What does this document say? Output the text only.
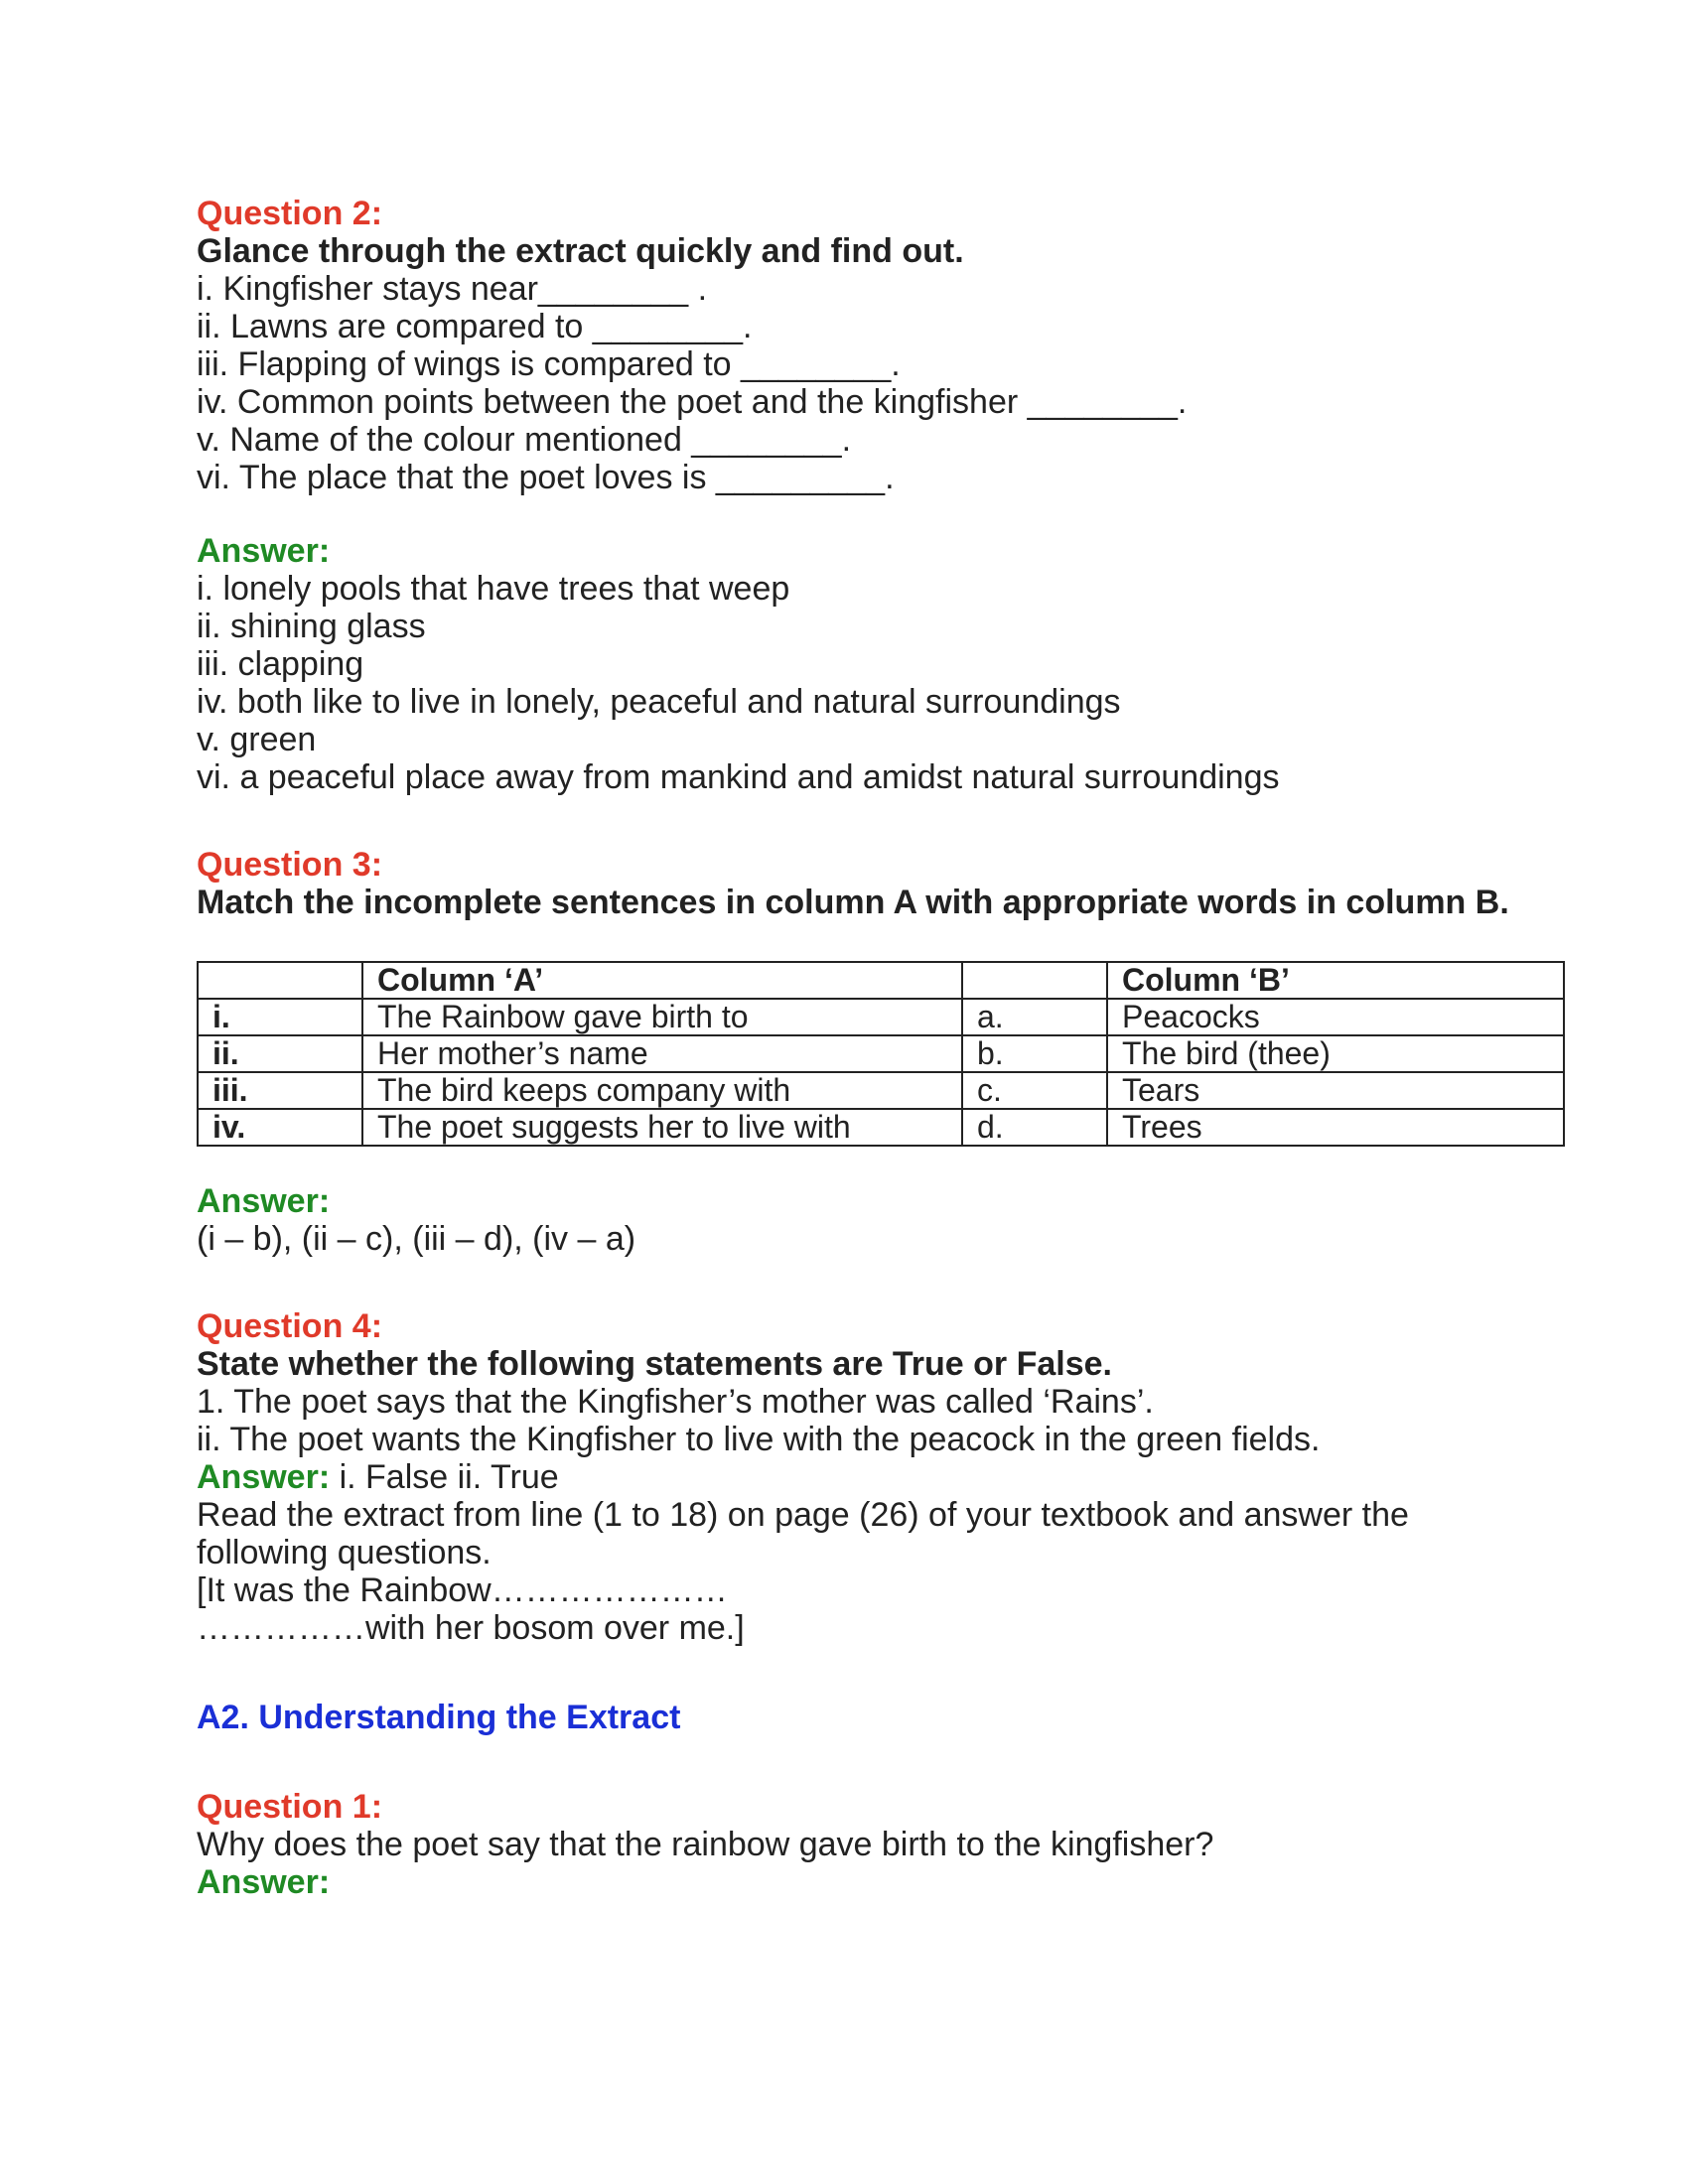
Question 2:
Glance through the extract quickly and find out.
i. Kingfisher stays near________ .
ii. Lawns are compared to ________.
iii. Flapping of wings is compared to ________.
iv. Common points between the poet and the kingfisher ________.
v. Name of the colour mentioned ________.
vi. The place that the poet loves is _________.
Answer:
i. lonely pools that have trees that weep
ii. shining glass
iii. clapping
iv. both like to live in lonely, peaceful and natural surroundings
v. green
vi. a peaceful place away from mankind and amidst natural surroundings
Question 3:
Match the incomplete sentences in column A with appropriate words in column B.
	Column ‘A’		Column ‘B’
i.	The Rainbow gave birth to	a.	Peacocks
ii.	Her mother’s name	b.	The bird (thee)
iii.	The bird keeps company with	c.	Tears
iv.	The poet suggests her to live with	d.	Trees
Answer:
(i – b), (ii – c), (iii – d), (iv – a)
Question 4:
State whether the following statements are True or False.
1. The poet says that the Kingfisher’s mother was called ‘Rains’.
ii. The poet wants the Kingfisher to live with the peacock in the green fields.
Answer: i. False ii. True
Read the extract from line (1 to 18) on page (26) of your textbook and answer the
following questions.
[It was the Rainbow…………………
……………with her bosom over me.]
A2. Understanding the Extract
Question 1:
Why does the poet say that the rainbow gave birth to the kingfisher?
Answer:
